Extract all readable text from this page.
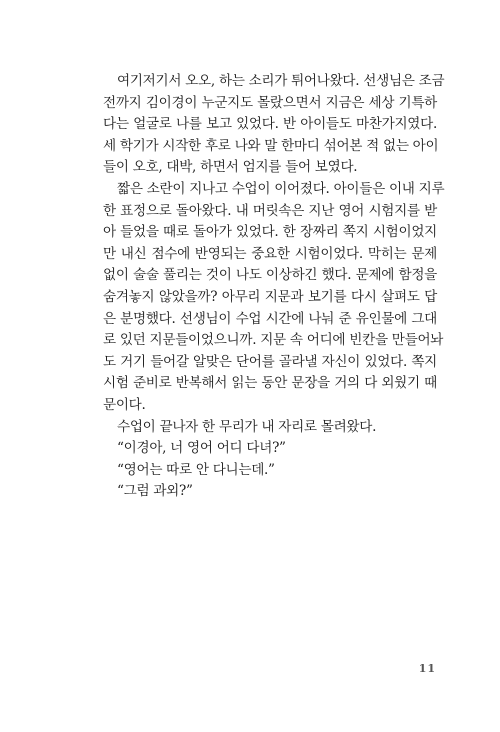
여기저기서 오오, 하는 소리가 튀어나왔다. 선생님은 조금
전까지 김이경이 누군지도 몰랐으면서 지금은 세상 기특하
다는 얼굴로 나를 보고 있었다. 반 아이들도 마찬가지였다.
세 학기가 시작한 후로 나와 말 한마디 섞어본 적 없는 아이
들이 오호, 대박, 하면서 엄지를 들어 보였다.
짧은 소란이 지나고 수업이 이어졌다. 아이들은 이내 지루
한 표정으로 돌아왔다. 내 머릿속은 지난 영어 시험지를 받
아 들었을 때로 돌아가 있었다. 한 장짜리 쪽지 시험이었지
만 내신 점수에 반영되는 중요한 시험이었다. 막히는 문제
없이 술술 풀리는 것이 나도 이상하긴 했다. 문제에 함정을
숨겨놓지 않았을까? 아무리 지문과 보기를 다시 살펴도 답
은 분명했다. 선생님이 수업 시간에 나눠 준 유인물에 그대
로 있던 지문들이었으니까. 지문 속 어디에 빈칸을 만들어놔
도 거기 들어갈 알맞은 단어를 골라낼 자신이 있었다. 쪽지
시험 준비로 반복해서 읽는 동안 문장을 거의 다 외웠기 때
문이다.
수업이 끝나자 한 무리가 내 자리로 몰려왔다.
“이경아, 너 영어 어디 다녀?”
“영어는 따로 안 다니는데.”
“그럼 과외?”
11
